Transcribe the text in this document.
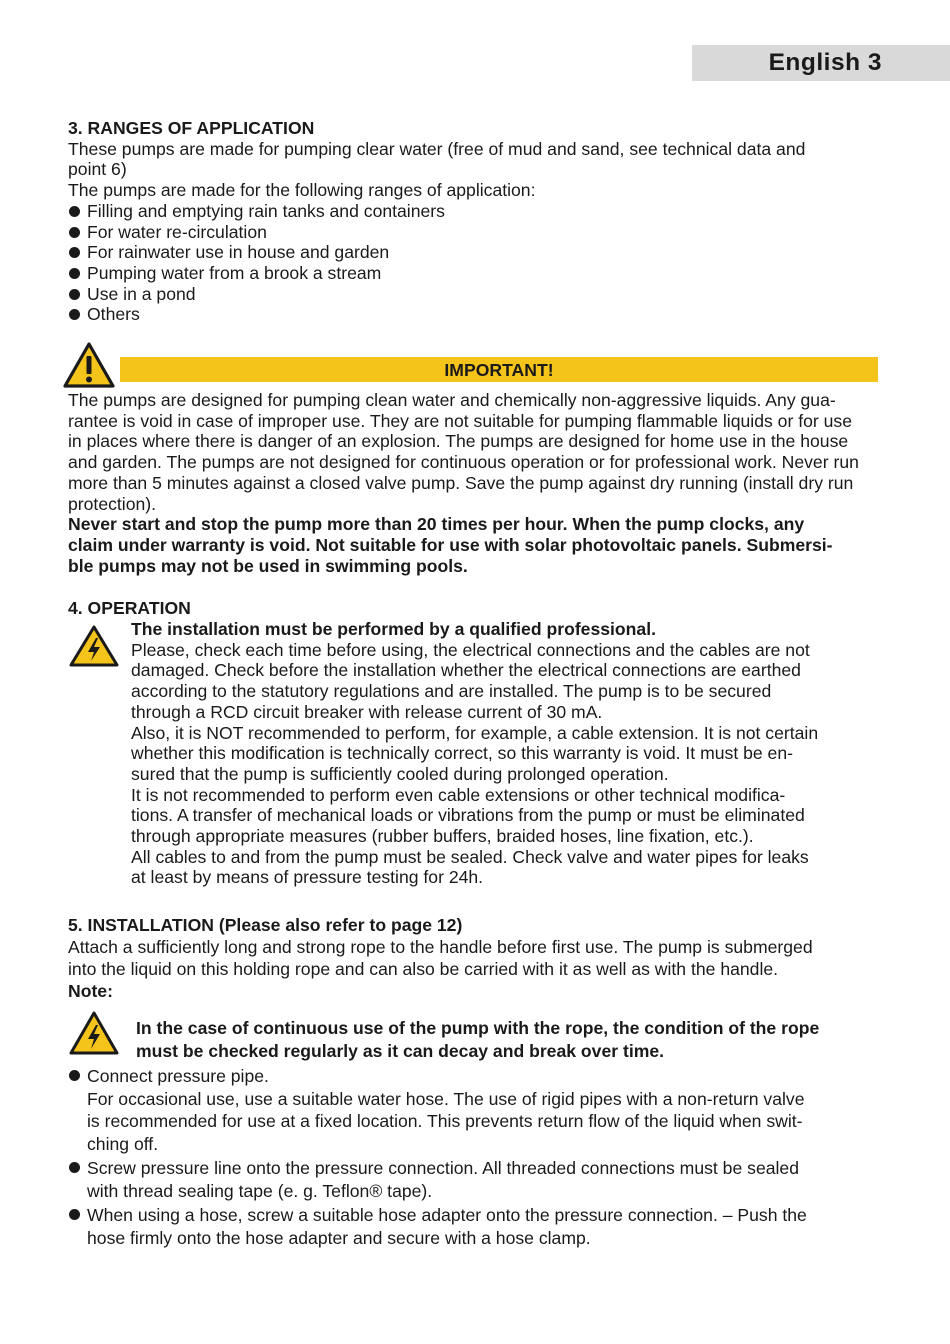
English 3

3. RANGES OF APPLICATION

These pumps are made for pumping clear water (free of mud and sand, see technical data and

point 6)

The pumps are made for the following ranges of application:

Filling and emptying rain tanks and containers

For water re-circulation

For rainwater use in house and garden

Pumping water from a brook a stream

Use in a pond

Others

IMPORTANT!

The pumps are designed for pumping clean water and chemically non-aggressive liquids. Any gua-

rantee is void in case of improper use. They are not suitable for pumping flammable liquids or for use

in places where there is danger of an explosion. The pumps are designed for home use in the house

and garden. The pumps are not designed for continuous operation or for professional work. Never run

more than 5 minutes against a closed valve pump. Save the pump against dry running (install dry run

protection).

Never start and stop the pump more than 20 times per hour. When the pump clocks, any

claim under warranty is void. Not suitable for use with solar photovoltaic panels. Submersi-

ble pumps may not be used in swimming pools.

4. OPERATION

The installation must be performed by a qualified professional.

Please, check each time before using, the electrical connections and the cables are not

damaged. Check before the installation whether the electrical connections are earthed

according to the statutory regulations and are installed. The pump is to be secured

through a RCD circuit breaker with release current of 30 mA.

Also, it is NOT recommended to perform, for example, a cable extension. It is not certain

whether this modification is technically correct, so this warranty is void. It must be en-

sured that the pump is sufficiently cooled during prolonged operation.

It is not recommended to perform even cable extensions or other technical modifica-

tions. A transfer of mechanical loads or vibrations from the pump or must be eliminated

through appropriate measures (rubber buffers, braided hoses, line fixation, etc.).

All cables to and from the pump must be sealed. Check valve and water pipes for leaks

at least by means of pressure testing for 24h.

5. INSTALLATION (Please also refer to page 12)

Attach a sufficiently long and strong rope to the handle before first use. The pump is submerged

into the liquid on this holding rope and can also be carried with it as well as with the handle.

Note:

In the case of continuous use of the pump with the rope, the condition of the rope

must be checked regularly as it can decay and break over time.

Connect pressure pipe.

For occasional use, use a suitable water hose. The use of rigid pipes with a non-return valve

is recommended for use at a fixed location. This prevents return flow of the liquid when swit-

ching off.

Screw pressure line onto the pressure connection. All threaded connections must be sealed

with thread sealing tape (e. g. Teflon® tape).

When using a hose, screw a suitable hose adapter onto the pressure connection. – Push the

hose firmly onto the hose adapter and secure with a hose clamp.
